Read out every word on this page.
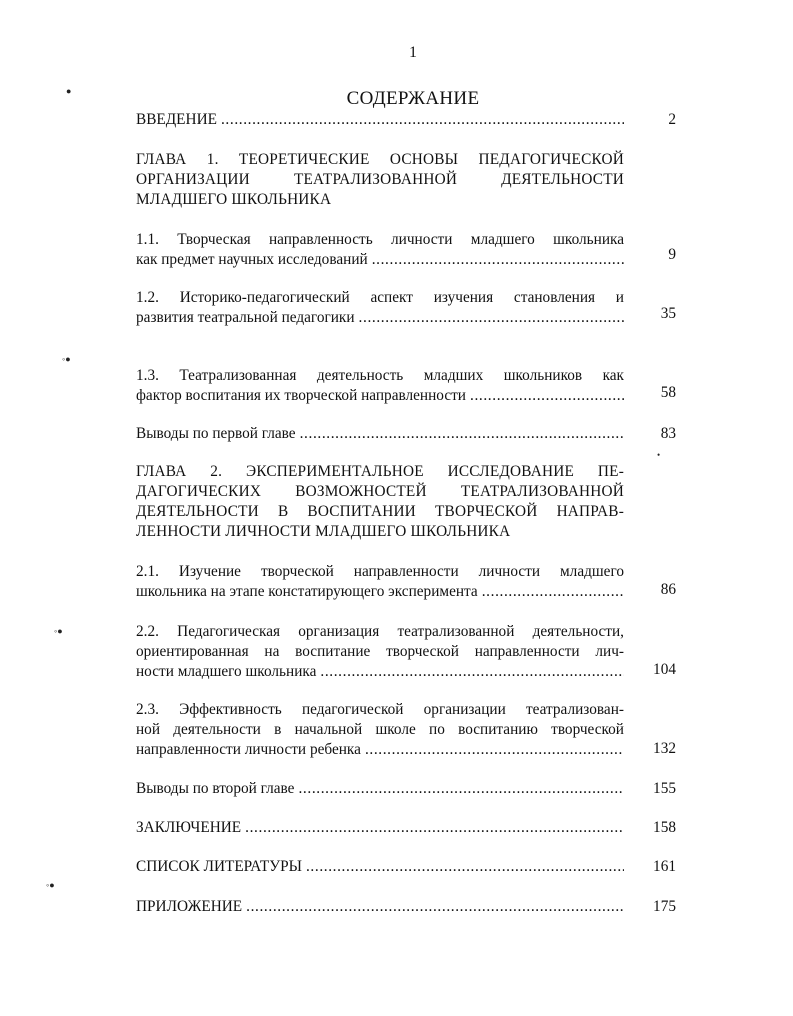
1
СОДЕРЖАНИЕ
●
◦●
◦●
◦●
•
ВВЕДЕНИЕ . . .	2
ГЛАВА 1. ТЕОРЕТИЧЕСКИЕ ОСНОВЫ ПЕДАГОГИЧЕСКОЙ
ОРГАНИЗАЦИИ ТЕАТРАЛИЗОВАННОЙ ДЕЯТЕЛЬНОСТИ
МЛАДШЕГО ШКОЛЬНИКА
1.1. Творческая направленность личности младшего школьника
как предмет научных исследований . . .	9
1.2. Историко-педагогический аспект изучения становления и
развития театральной педагогики . . .	35
1.3. Театрализованная деятельность младших школьников как
фактор воспитания их творческой направленности . . .	58
Выводы по первой главе . . .	83
ГЛАВА 2. ЭКСПЕРИМЕНТАЛЬНОЕ ИССЛЕДОВАНИЕ ПЕ-
ДАГОГИЧЕСКИХ ВОЗМОЖНОСТЕЙ ТЕАТРАЛИЗОВАННОЙ
ДЕЯТЕЛЬНОСТИ В ВОСПИТАНИИ ТВОРЧЕСКОЙ НАПРАВ-
ЛЕННОСТИ ЛИЧНОСТИ МЛАДШЕГО ШКОЛЬНИКА
2.1. Изучение творческой направленности личности младшего
школьника на этапе констатирующего эксперимента . . .	86
2.2. Педагогическая организация театрализованной деятельности,
ориентированная на воспитание творческой направленности лич-
ности младшего школьника . . .	104
2.3. Эффективность педагогической организации театрализован-
ной деятельности в начальной школе по воспитанию творческой
направленности личности ребенка . . .	132
Выводы по второй главе . . .	155
ЗАКЛЮЧЕНИЕ . . .	158
СПИСОК ЛИТЕРАТУРЫ . . .	161
ПРИЛОЖЕНИЕ . . .	175
